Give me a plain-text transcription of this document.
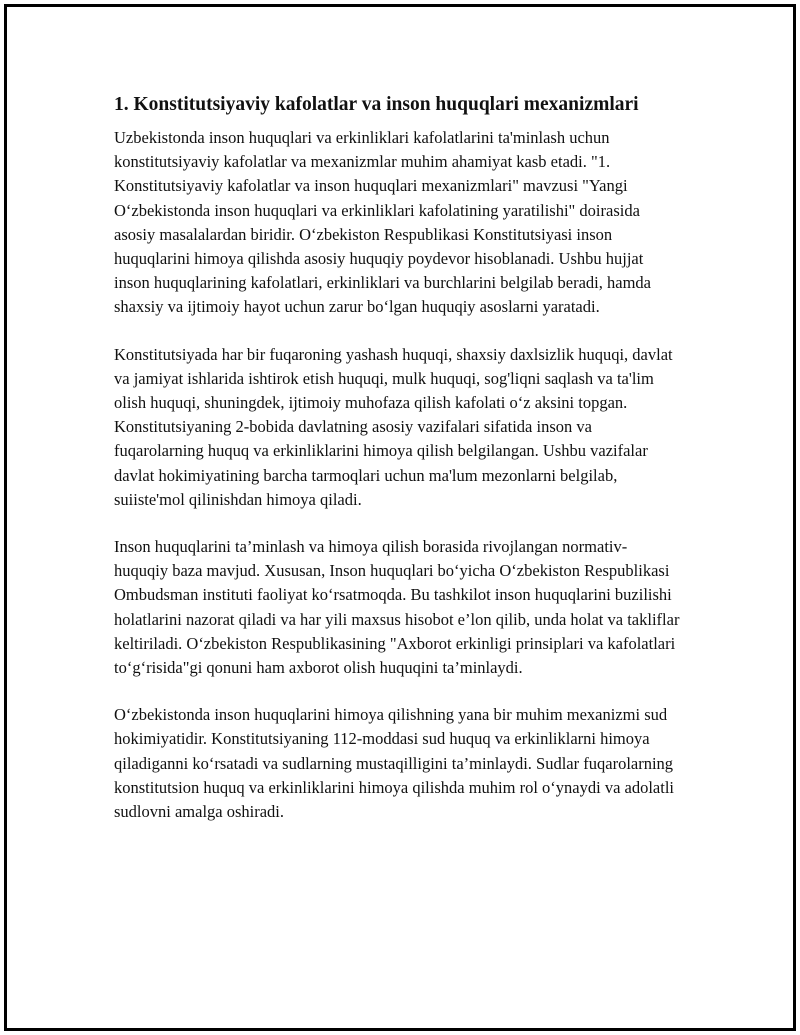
1. Konstitutsiyaviy kafolatlar va inson huquqlari mexanizmlari

Uzbekistonda inson huquqlari va erkinliklari kafolatlarini ta'minlash uchun konstitutsiyaviy kafolatlar va mexanizmlar muhim ahamiyat kasb etadi. "1. Konstitutsiyaviy kafolatlar va inson huquqlari mexanizmlari" mavzusi "Yangi O‘zbekistonda inson huquqlari va erkinliklari kafolatining yaratilishi" doirasida asosiy masalalardan biridir. O‘zbekiston Respublikasi Konstitutsiyasi inson huquqlarini himoya qilishda asosiy huquqiy poydevor hisoblanadi. Ushbu hujjat inson huquqlarining kafolatlari, erkinliklari va burchlarini belgilab beradi, hamda shaxsiy va ijtimoiy hayot uchun zarur bo‘lgan huquqiy asoslarni yaratadi.

Konstitutsiyada har bir fuqaroning yashash huquqi, shaxsiy daxlsizlik huquqi, davlat va jamiyat ishlarida ishtirok etish huquqi, mulk huquqi, sog'liqni saqlash va ta'lim olish huquqi, shuningdek, ijtimoiy muhofaza qilish kafolati o‘z aksini topgan. Konstitutsiyaning 2-bobida davlatning asosiy vazifalari sifatida inson va fuqarolarning huquq va erkinliklarini himoya qilish belgilangan. Ushbu vazifalar davlat hokimiyatining barcha tarmoqlari uchun ma'lum mezonlarni belgilab, suiiste'mol qilinishdan himoya qiladi.

Inson huquqlarini ta’minlash va himoya qilish borasida rivojlangan normativ-huquqiy baza mavjud. Xususan, Inson huquqlari bo‘yicha O‘zbekiston Respublikasi Ombudsman instituti faoliyat ko‘rsatmoqda. Bu tashkilot inson huquqlarini buzilishi holatlarini nazorat qiladi va har yili maxsus hisobot e’lon qilib, unda holat va takliflar keltiriladi. O‘zbekiston Respublikasining "Axborot erkinligi prinsiplari va kafolatlari to‘g‘risida"gi qonuni ham axborot olish huquqini ta’minlaydi.

O‘zbekistonda inson huquqlarini himoya qilishning yana bir muhim mexanizmi sud hokimiyatidir. Konstitutsiyaning 112-moddasi sud huquq va erkinliklarni himoya qiladiganni ko‘rsatadi va sudlarning mustaqilligini ta’minlaydi. Sudlar fuqarolarning konstitutsion huquq va erkinliklarini himoya qilishda muhim rol o‘ynaydi va adolatli sudlovni amalga oshiradi.
